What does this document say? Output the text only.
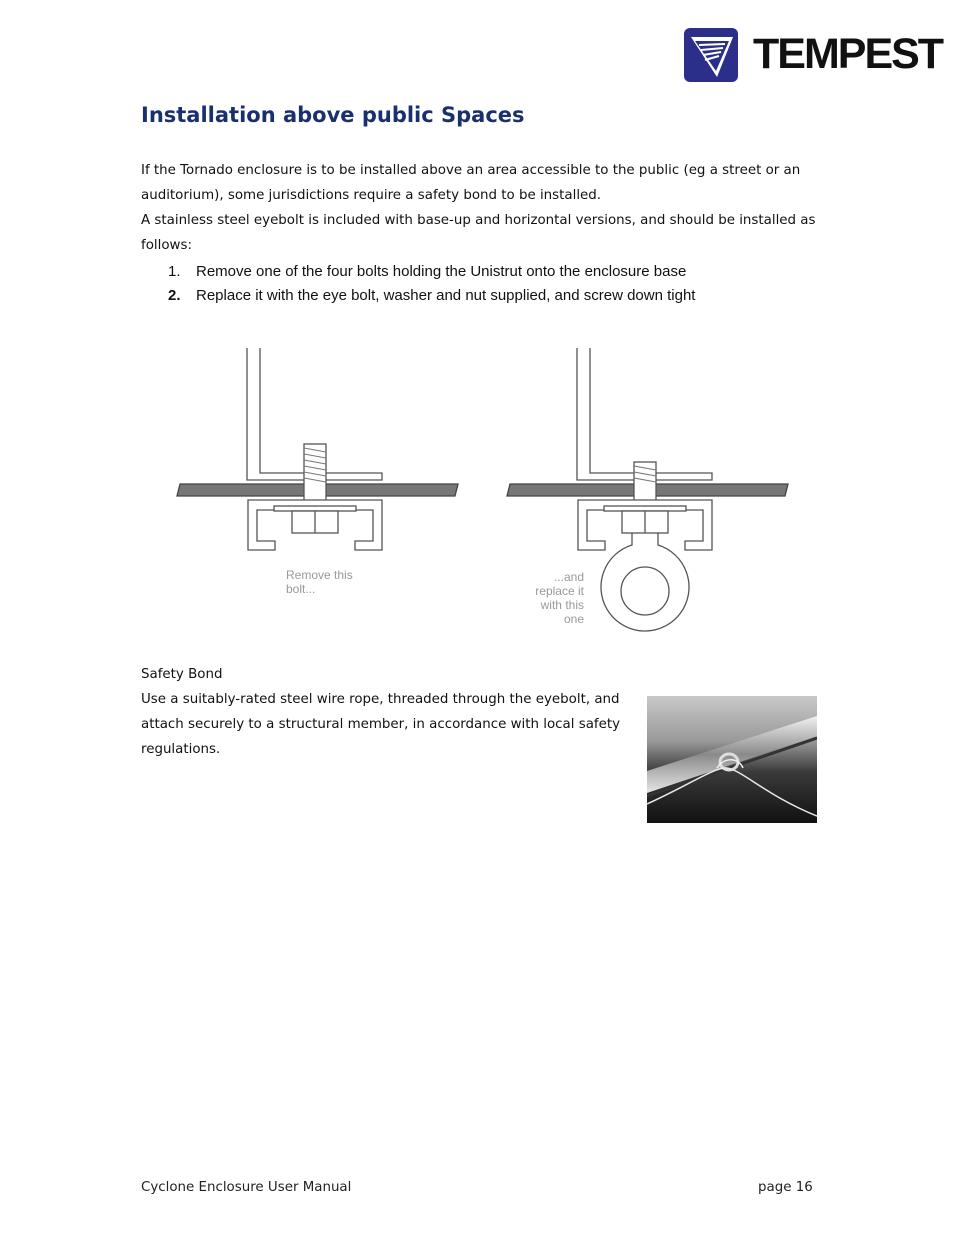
TEMPEST
Installation above public Spaces

If the Tornado enclosure is to be installed above an area accessible to the public (eg a street or an auditorium), some jurisdictions require a safety bond to be installed.

A stainless steel eyebolt is included with base-up and horizontal versions, and should be installed as follows:

1.	Remove one of the four bolts holding the Unistrut onto the enclosure base
2.	Replace it with the eye bolt, washer and nut supplied, and screw down tight
Remove this
bolt...
...and
replace it
with this
one

Safety Bond

Use a suitably-rated steel wire rope, threaded through the eyebolt, and attach securely to a structural member, in accordance with local safety regulations.

Cyclone Enclosure User Manual	page 16
